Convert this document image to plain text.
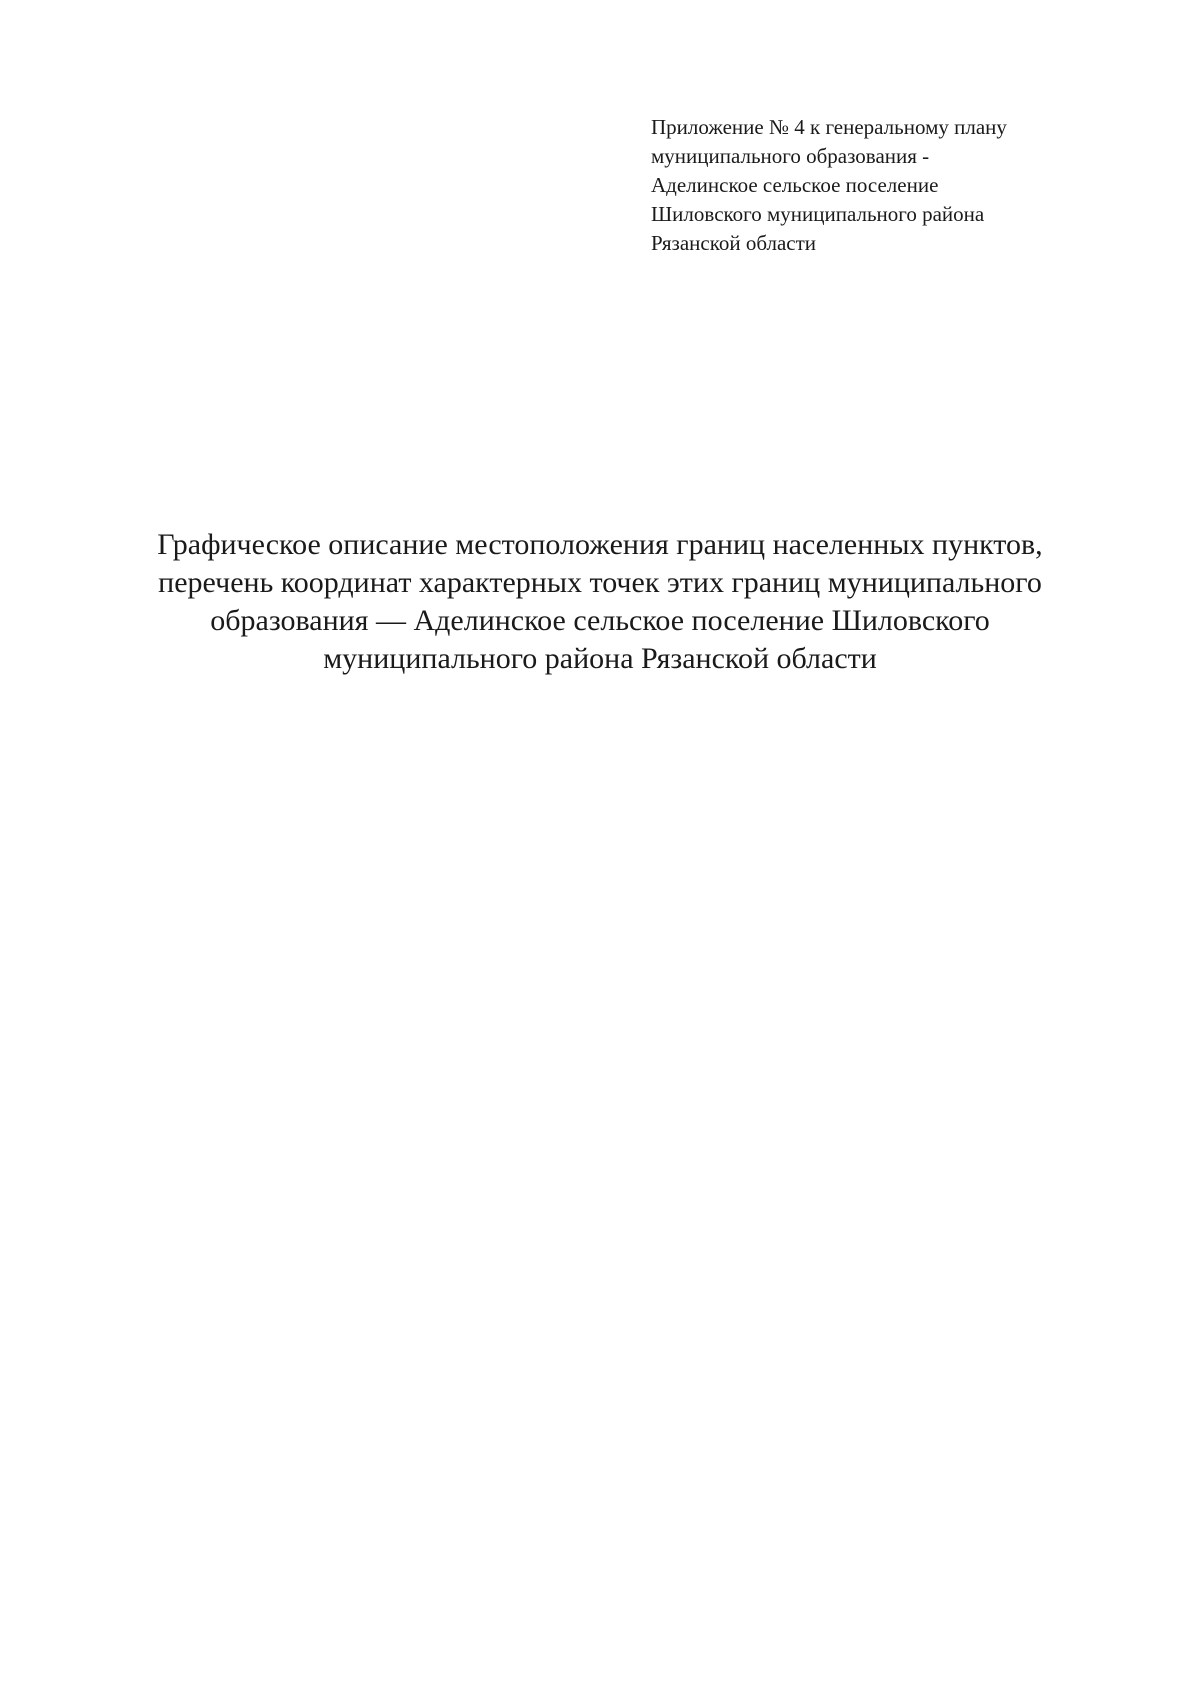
Приложение № 4 к генеральному плану
муниципального образования -
Аделинское сельское поселение
Шиловского муниципального района
Рязанской области
Графическое описание местоположения границ населенных пунктов,
перечень координат характерных точек этих границ муниципального
образования — Аделинское сельское поселение Шиловского
муниципального района Рязанской области
